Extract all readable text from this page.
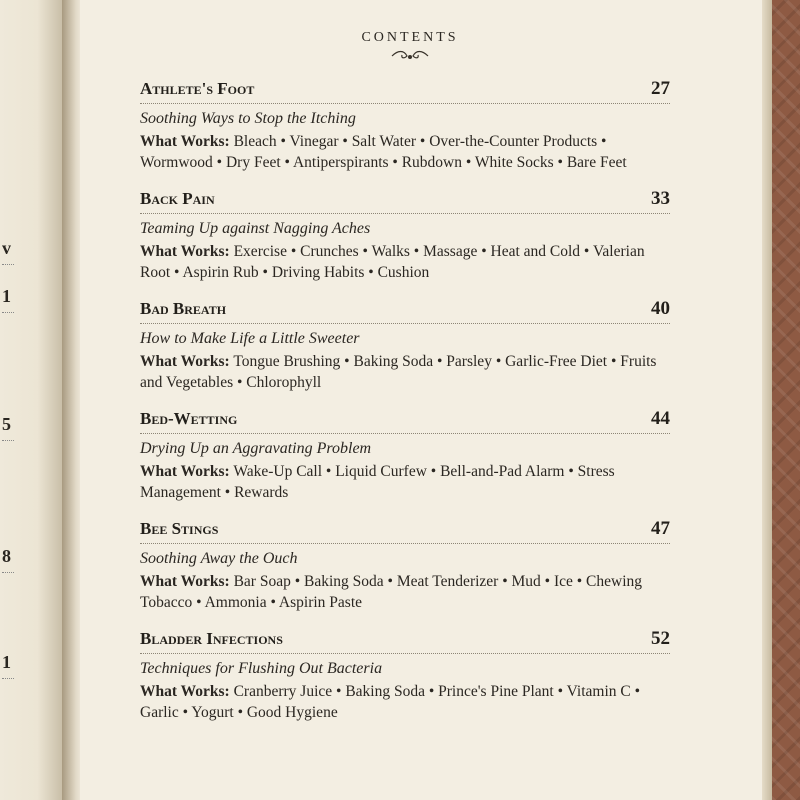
v
1
5
8
1
CONTENTS
Athlete's Foot	27
Soothing Ways to Stop the Itching
What Works: Bleach • Vinegar • Salt Water • Over-the-Counter Products • Wormwood • Dry Feet • Antiperspirants • Rubdown • White Socks • Bare Feet
Back Pain	33
Teaming Up against Nagging Aches
What Works: Exercise • Crunches • Walks • Massage • Heat and Cold • Valerian Root • Aspirin Rub • Driving Habits • Cushion
Bad Breath	40
How to Make Life a Little Sweeter
What Works: Tongue Brushing • Baking Soda • Parsley • Garlic-Free Diet • Fruits and Vegetables • Chlorophyll
Bed-Wetting	44
Drying Up an Aggravating Problem
What Works: Wake-Up Call • Liquid Curfew • Bell-and-Pad Alarm • Stress Management • Rewards
Bee Stings	47
Soothing Away the Ouch
What Works: Bar Soap • Baking Soda • Meat Tenderizer • Mud • Ice • Chewing Tobacco • Ammonia • Aspirin Paste
Bladder Infections	52
Techniques for Flushing Out Bacteria
What Works: Cranberry Juice • Baking Soda • Prince's Pine Plant • Vitamin C • Garlic • Yogurt • Good Hygiene
